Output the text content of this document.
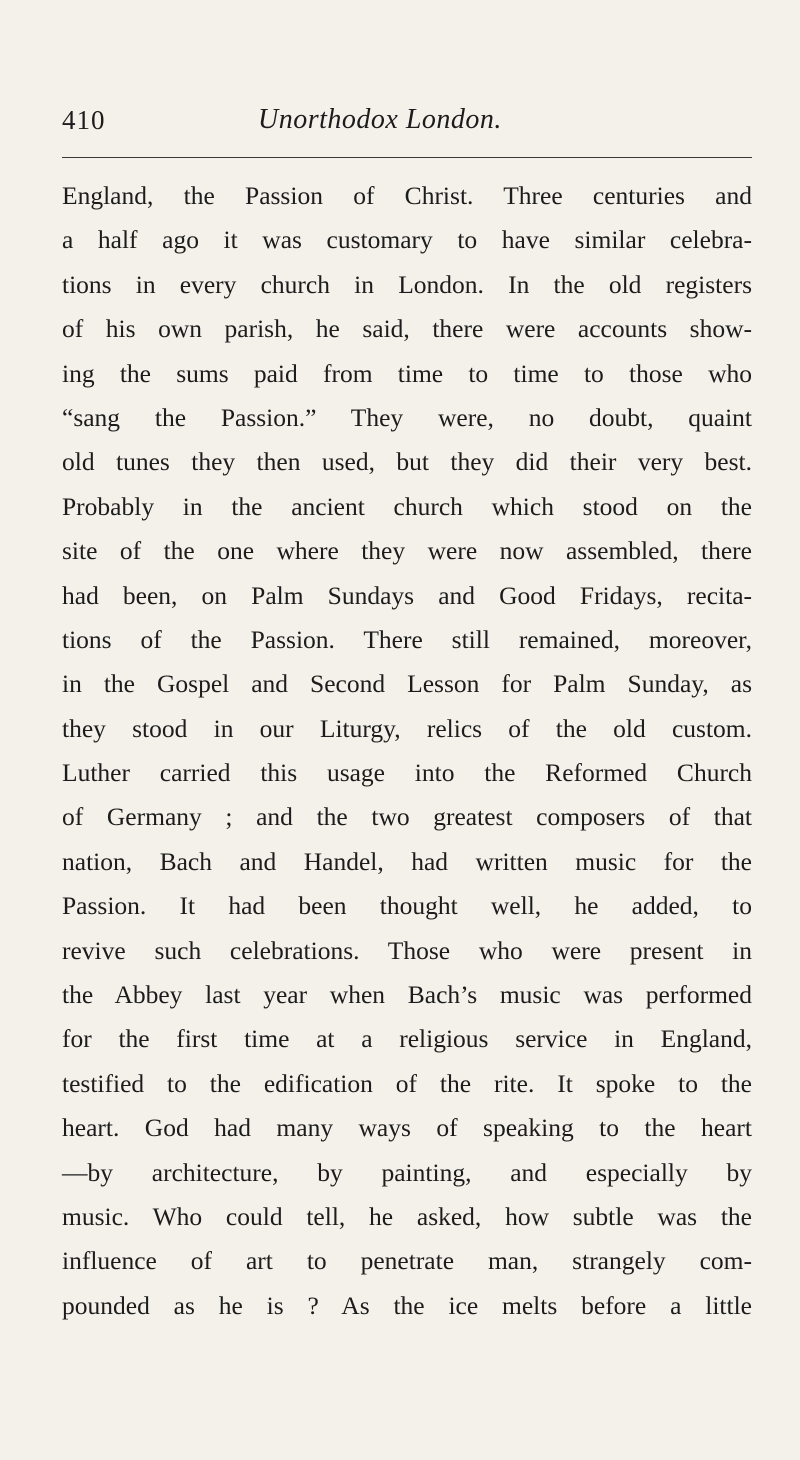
410	Unorthodox London.
England, the Passion of Christ. Three centuries and
a half ago it was customary to have similar celebra-
tions in every church in London. In the old registers
of his own parish, he said, there were accounts show-
ing the sums paid from time to time to those who
“sang the Passion.” They were, no doubt, quaint
old tunes they then used, but they did their very best.
Probably in the ancient church which stood on the
site of the one where they were now assembled, there
had been, on Palm Sundays and Good Fridays, recita-
tions of the Passion. There still remained, moreover,
in the Gospel and Second Lesson for Palm Sunday, as
they stood in our Liturgy, relics of the old custom.
Luther carried this usage into the Reformed Church
of Germany ; and the two greatest composers of that
nation, Bach and Handel, had written music for the
Passion. It had been thought well, he added, to
revive such celebrations. Those who were present in
the Abbey last year when Bach’s music was performed
for the first time at a religious service in England,
testified to the edification of the rite. It spoke to the
heart. God had many ways of speaking to the heart
—by architecture, by painting, and especially by
music. Who could tell, he asked, how subtle was the
influence of art to penetrate man, strangely com-
pounded as he is ? As the ice melts before a little
